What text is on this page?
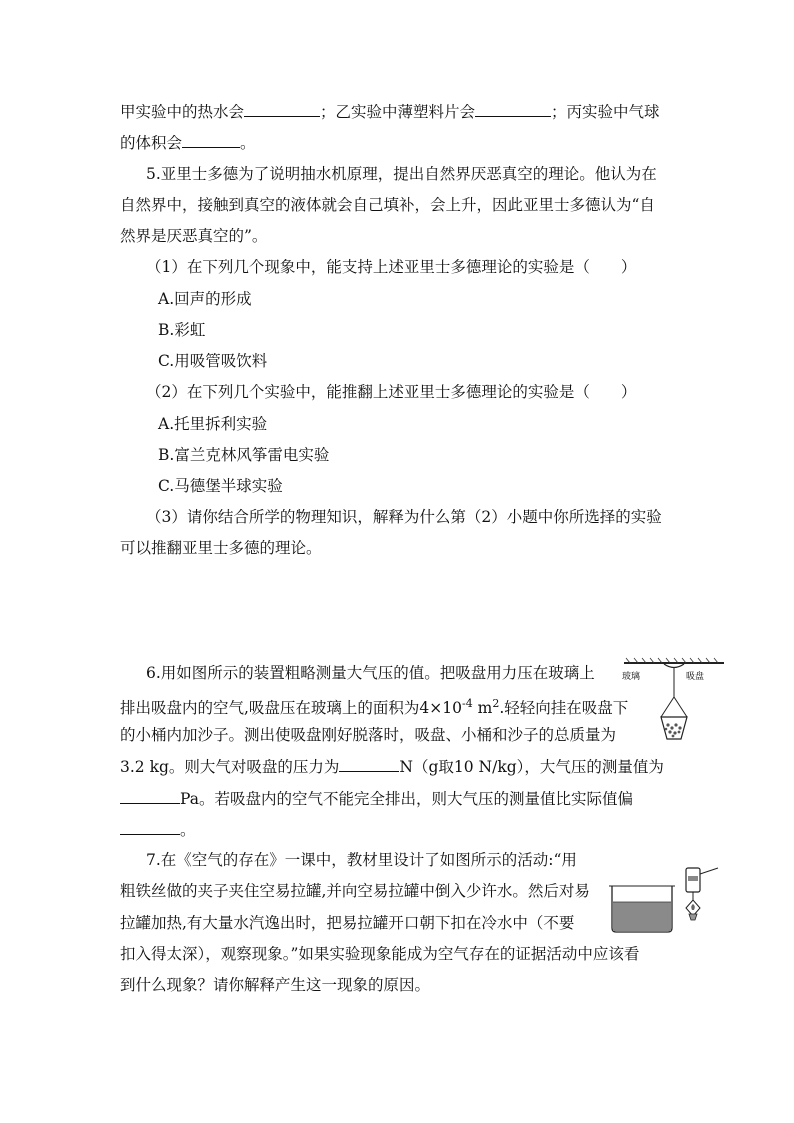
甲实验中的热水会	；乙实验中薄塑料片会	；丙实验中气球
的体积会	。
5.亚里士多德为了说明抽水机原理，提出自然界厌恶真空的理论。他认为在
自然界中，接触到真空的液体就会自己填补，会上升，因此亚里士多德认为“自
然界是厌恶真空的”。
（1）在下列几个现象中，能支持上述亚里士多德理论的实验是（　　）
A.回声的形成
B.彩虹
C.用吸管吸饮料
（2）在下列几个实验中，能推翻上述亚里士多德理论的实验是（　　）
A.托里拆利实验
B.富兰克林风筝雷电实验
C.马德堡半球实验
（3）请你结合所学的物理知识，解释为什么第（2）小题中你所选择的实验
可以推翻亚里士多德的理论。
6.用如图所示的装置粗略测量大气压的值。把吸盘用力压在玻璃上
排出吸盘内的空气,吸盘压在玻璃上的面积为$4\times 10^{-4}$ $m^2$.轻轻向挂在吸盘下
的小桶内加沙子。测出使吸盘刚好脱落时，吸盘、小桶和沙子的总质量为
3.2 kg。则大气对吸盘的压力为	N（g取10 N/kg），大气压的测量值为
Pa。若吸盘内的空气不能完全排出，则大气压的测量值比实际值偏
。
7.在《空气的存在》一课中，教材里设计了如图所示的活动:“用
粗铁丝做的夹子夹住空易拉罐,并向空易拉罐中倒入少许水。然后对易
拉罐加热,有大量水汽逸出时，把易拉罐开口朝下扣在冷水中（不要
扣入得太深），观察现象。”如果实验现象能成为空气存在的证据活动中应该看
到什么现象？请你解释产生这一现象的原因。
玻璃	吸盘
